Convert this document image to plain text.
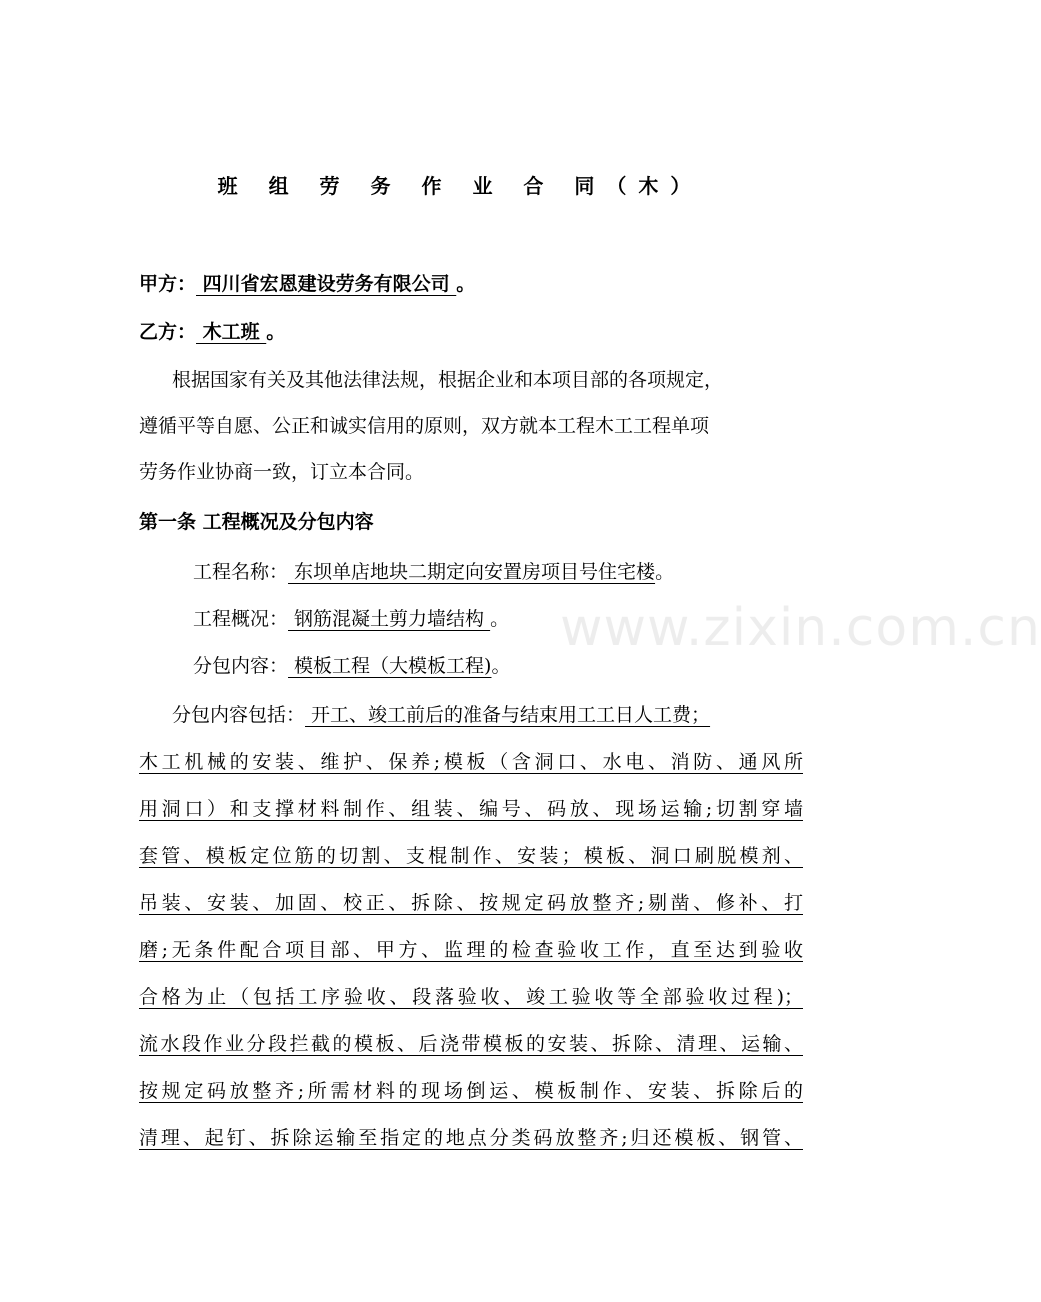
班 组 劳 务 作 业 合 同（木）
甲方： 四川省宏恩建设劳务有限公司 。
乙方： 木工班 。
根据国家有关及其他法律法规，根据企业和本项目部的各项规定，
遵循平等自愿、公正和诚实信用的原则，双方就本工程木工工程单项
劳务作业协商一致，订立本合同。
第一条 工程概况及分包内容
工程名称： 东坝单店地块二期定向安置房项目号住宅楼。
工程概况： 钢筋混凝土剪力墙结构 。
分包内容： 模板工程（大模板工程)。
www.zixin.com.cn
分包内容包括： 开工、竣工前后的准备与结束用工工日人工费；
木工机械的安装、维护、保养;模板（含洞口、水电、消防、通风所
用洞口）和支撑材料制作、组装、编号、码放、现场运输;切割穿墙
套管、模板定位筋的切割、支棍制作、安装；模板、洞口刷脱模剂、
吊装、安装、加固、校正、拆除、按规定码放整齐;剔凿、修补、打
磨;无条件配合项目部、甲方、监理的检查验收工作，直至达到验收
合格为止（包括工序验收、段落验收、竣工验收等全部验收过程)；
流水段作业分段拦截的模板、后浇带模板的安装、拆除、清理、运输、
按规定码放整齐;所需材料的现场倒运、模板制作、安装、拆除后的
清理、起钉、拆除运输至指定的地点分类码放整齐;归还模板、钢管、
